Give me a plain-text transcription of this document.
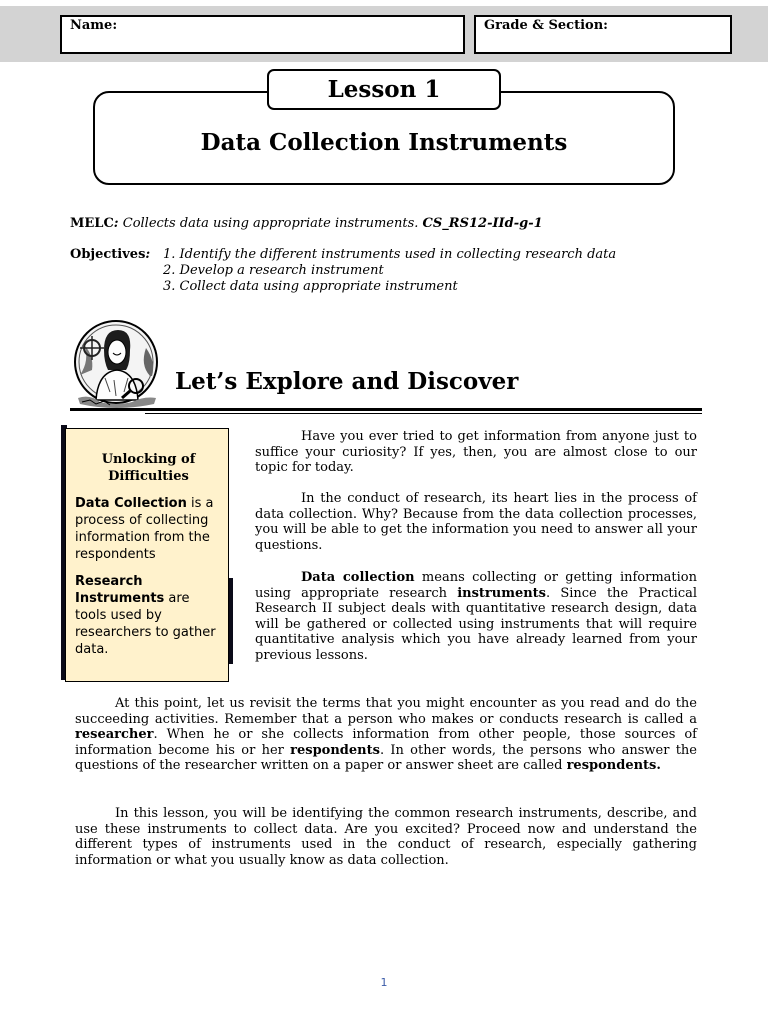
Name:	Grade & Section:
Lesson 1
Data Collection Instruments
MELC: Collects data using appropriate instruments. CS_RS12-IId-g-1
Objectives: 1. Identify the different instruments used in collecting research data
2. Develop a research instrument
3. Collect data using appropriate instrument
Let’s Explore and Discover
Unlocking of Difficulties

Data Collection is a process of collecting information from the respondents

Research Instruments are tools used by researchers to gather data.

Have you ever tried to get information from anyone just to suffice your curiosity? If yes, then, you are almost close to our topic for today.

In the conduct of research, its heart lies in the process of data collection. Why? Because from the data collection processes, you will be able to get the information you need to answer all your questions.

Data collection means collecting or getting information using appropriate research instruments. Since the Practical Research II subject deals with quantitative research design, data will be gathered or collected using instruments that will require quantitative analysis which you have already learned from your previous lessons.

At this point, let us revisit the terms that you might encounter as you read and do the succeeding activities. Remember that a person who makes or conducts research is called a researcher. When he or she collects information from other people, those sources of information become his or her respondents. In other words, the persons who answer the questions of the researcher written on a paper or answer sheet are called respondents.

In this lesson, you will be identifying the common research instruments, describe, and use these instruments to collect data. Are you excited? Proceed now and understand the different types of instruments used in the conduct of research, especially gathering information or what you usually know as data collection.

1
